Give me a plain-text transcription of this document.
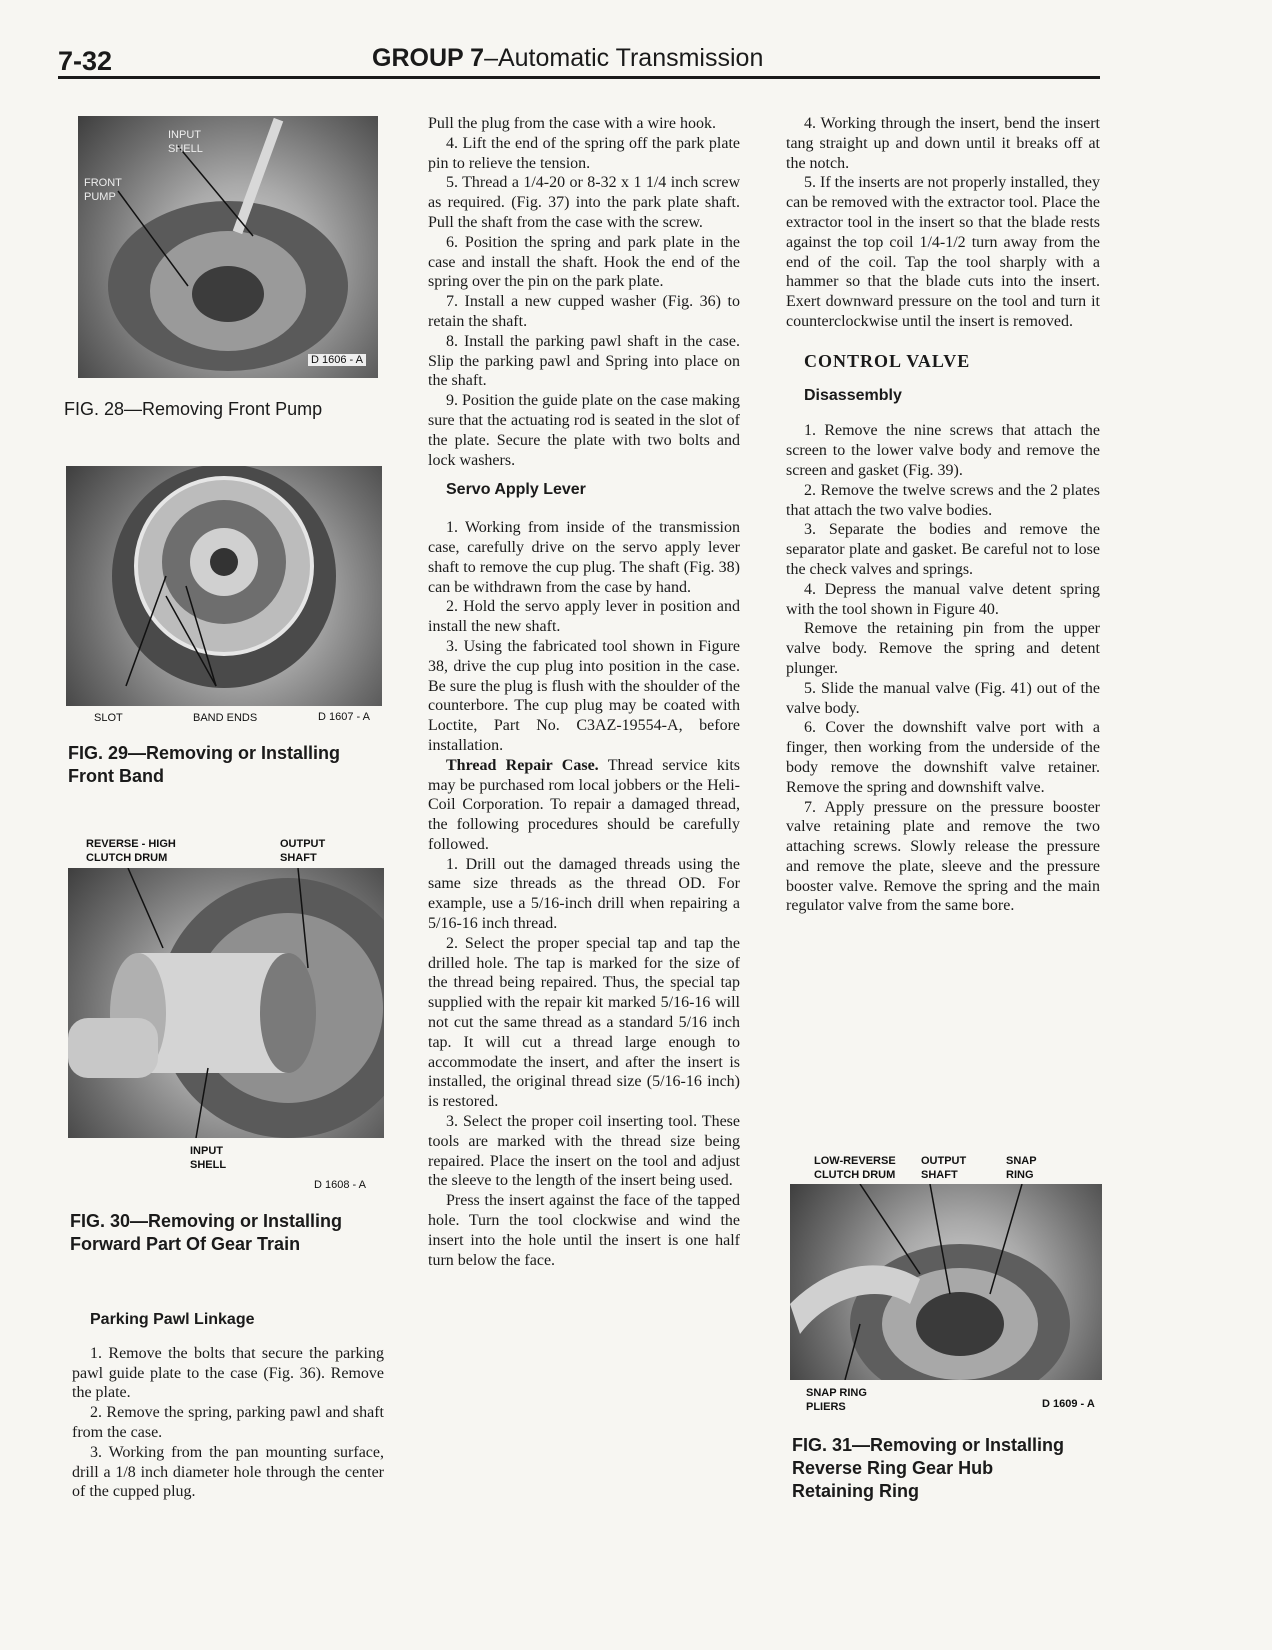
7-32	GROUP 7–Automatic Transmission
INPUT
SHELL
FRONT
PUMP
D 1606 - A
FIG. 28—Removing Front Pump
SLOT	BAND ENDS	D 1607 - A
FIG. 29—Removing or Installing
Front Band
REVERSE - HIGH
CLUTCH DRUM
OUTPUT
SHAFT
INPUT
SHELL
D 1608 - A
FIG. 30—Removing or Installing
Forward Part Of Gear Train

Parking Pawl Linkage

1. Remove the bolts that secure the parking pawl guide plate to the case (Fig. 36). Remove the plate.

2. Remove the spring, parking pawl and shaft from the case.

3. Working from the pan mounting surface, drill a 1/8 inch diameter hole through the center of the cupped plug.

Pull the plug from the case with a wire hook.

4. Lift the end of the spring off the park plate pin to relieve the tension.

5. Thread a 1/4-20 or 8-32 x 1 1/4 inch screw as required. (Fig. 37) into the park plate shaft. Pull the shaft from the case with the screw.

6. Position the spring and park plate in the case and install the shaft. Hook the end of the spring over the pin on the park plate.

7. Install a new cupped washer (Fig. 36) to retain the shaft.

8. Install the parking pawl shaft in the case. Slip the parking pawl and Spring into place on the shaft.

9. Position the guide plate on the case making sure that the actuating rod is seated in the slot of the plate. Secure the plate with two bolts and lock washers.

Servo Apply Lever

1. Working from inside of the transmission case, carefully drive on the servo apply lever shaft to remove the cup plug. The shaft (Fig. 38) can be withdrawn from the case by hand.

2. Hold the servo apply lever in position and install the new shaft.

3. Using the fabricated tool shown in Figure 38, drive the cup plug into position in the case. Be sure the plug is flush with the shoulder of the counterbore. The cup plug may be coated with Loctite, Part No. C3AZ-19554-A, before installation.

Thread Repair Case. Thread service kits may be purchased rom local jobbers or the Heli-Coil Corporation. To repair a damaged thread, the following procedures should be carefully followed.

1. Drill out the damaged threads using the same size threads as the thread OD. For example, use a 5/16-inch drill when repairing a 5/16-16 inch thread.

2. Select the proper special tap and tap the drilled hole. The tap is marked for the size of the thread being repaired. Thus, the special tap supplied with the repair kit marked 5/16-16 will not cut the same thread as a standard 5/16 inch tap. It will cut a thread large enough to accommodate the insert, and after the insert is installed, the original thread size (5/16-16 inch) is restored.

3. Select the proper coil inserting tool. These tools are marked with the thread size being repaired. Place the insert on the tool and adjust the sleeve to the length of the insert being used.

Press the insert against the face of the tapped hole. Turn the tool clockwise and wind the insert into the hole until the insert is one half turn below the face.

4. Working through the insert, bend the insert tang straight up and down until it breaks off at the notch.

5. If the inserts are not properly installed, they can be removed with the extractor tool. Place the extractor tool in the insert so that the blade rests against the top coil 1/4-1/2 turn away from the end of the coil. Tap the tool sharply with a hammer so that the blade cuts into the insert. Exert downward pressure on the tool and turn it counterclockwise until the insert is removed.

CONTROL VALVE

Disassembly

1. Remove the nine screws that attach the screen to the lower valve body and remove the screen and gasket (Fig. 39).

2. Remove the twelve screws and the 2 plates that attach the two valve bodies.

3. Separate the bodies and remove the separator plate and gasket. Be careful not to lose the check valves and springs.

4. Depress the manual valve detent spring with the tool shown in Figure 40.

Remove the retaining pin from the upper valve body. Remove the spring and detent plunger.

5. Slide the manual valve (Fig. 41) out of the valve body.

6. Cover the downshift valve port with a finger, then working from the underside of the body remove the downshift valve retainer. Remove the spring and downshift valve.

7. Apply pressure on the pressure booster valve retaining plate and remove the two attaching screws. Slowly release the pressure and remove the plate, sleeve and the pressure booster valve. Remove the spring and the main regulator valve from the same bore.

LOW-REVERSE
CLUTCH DRUM
OUTPUT
SHAFT
SNAP
RING
SNAP RING
PLIERS	D 1609 - A
FIG. 31—Removing or Installing
Reverse Ring Gear Hub
Retaining Ring
